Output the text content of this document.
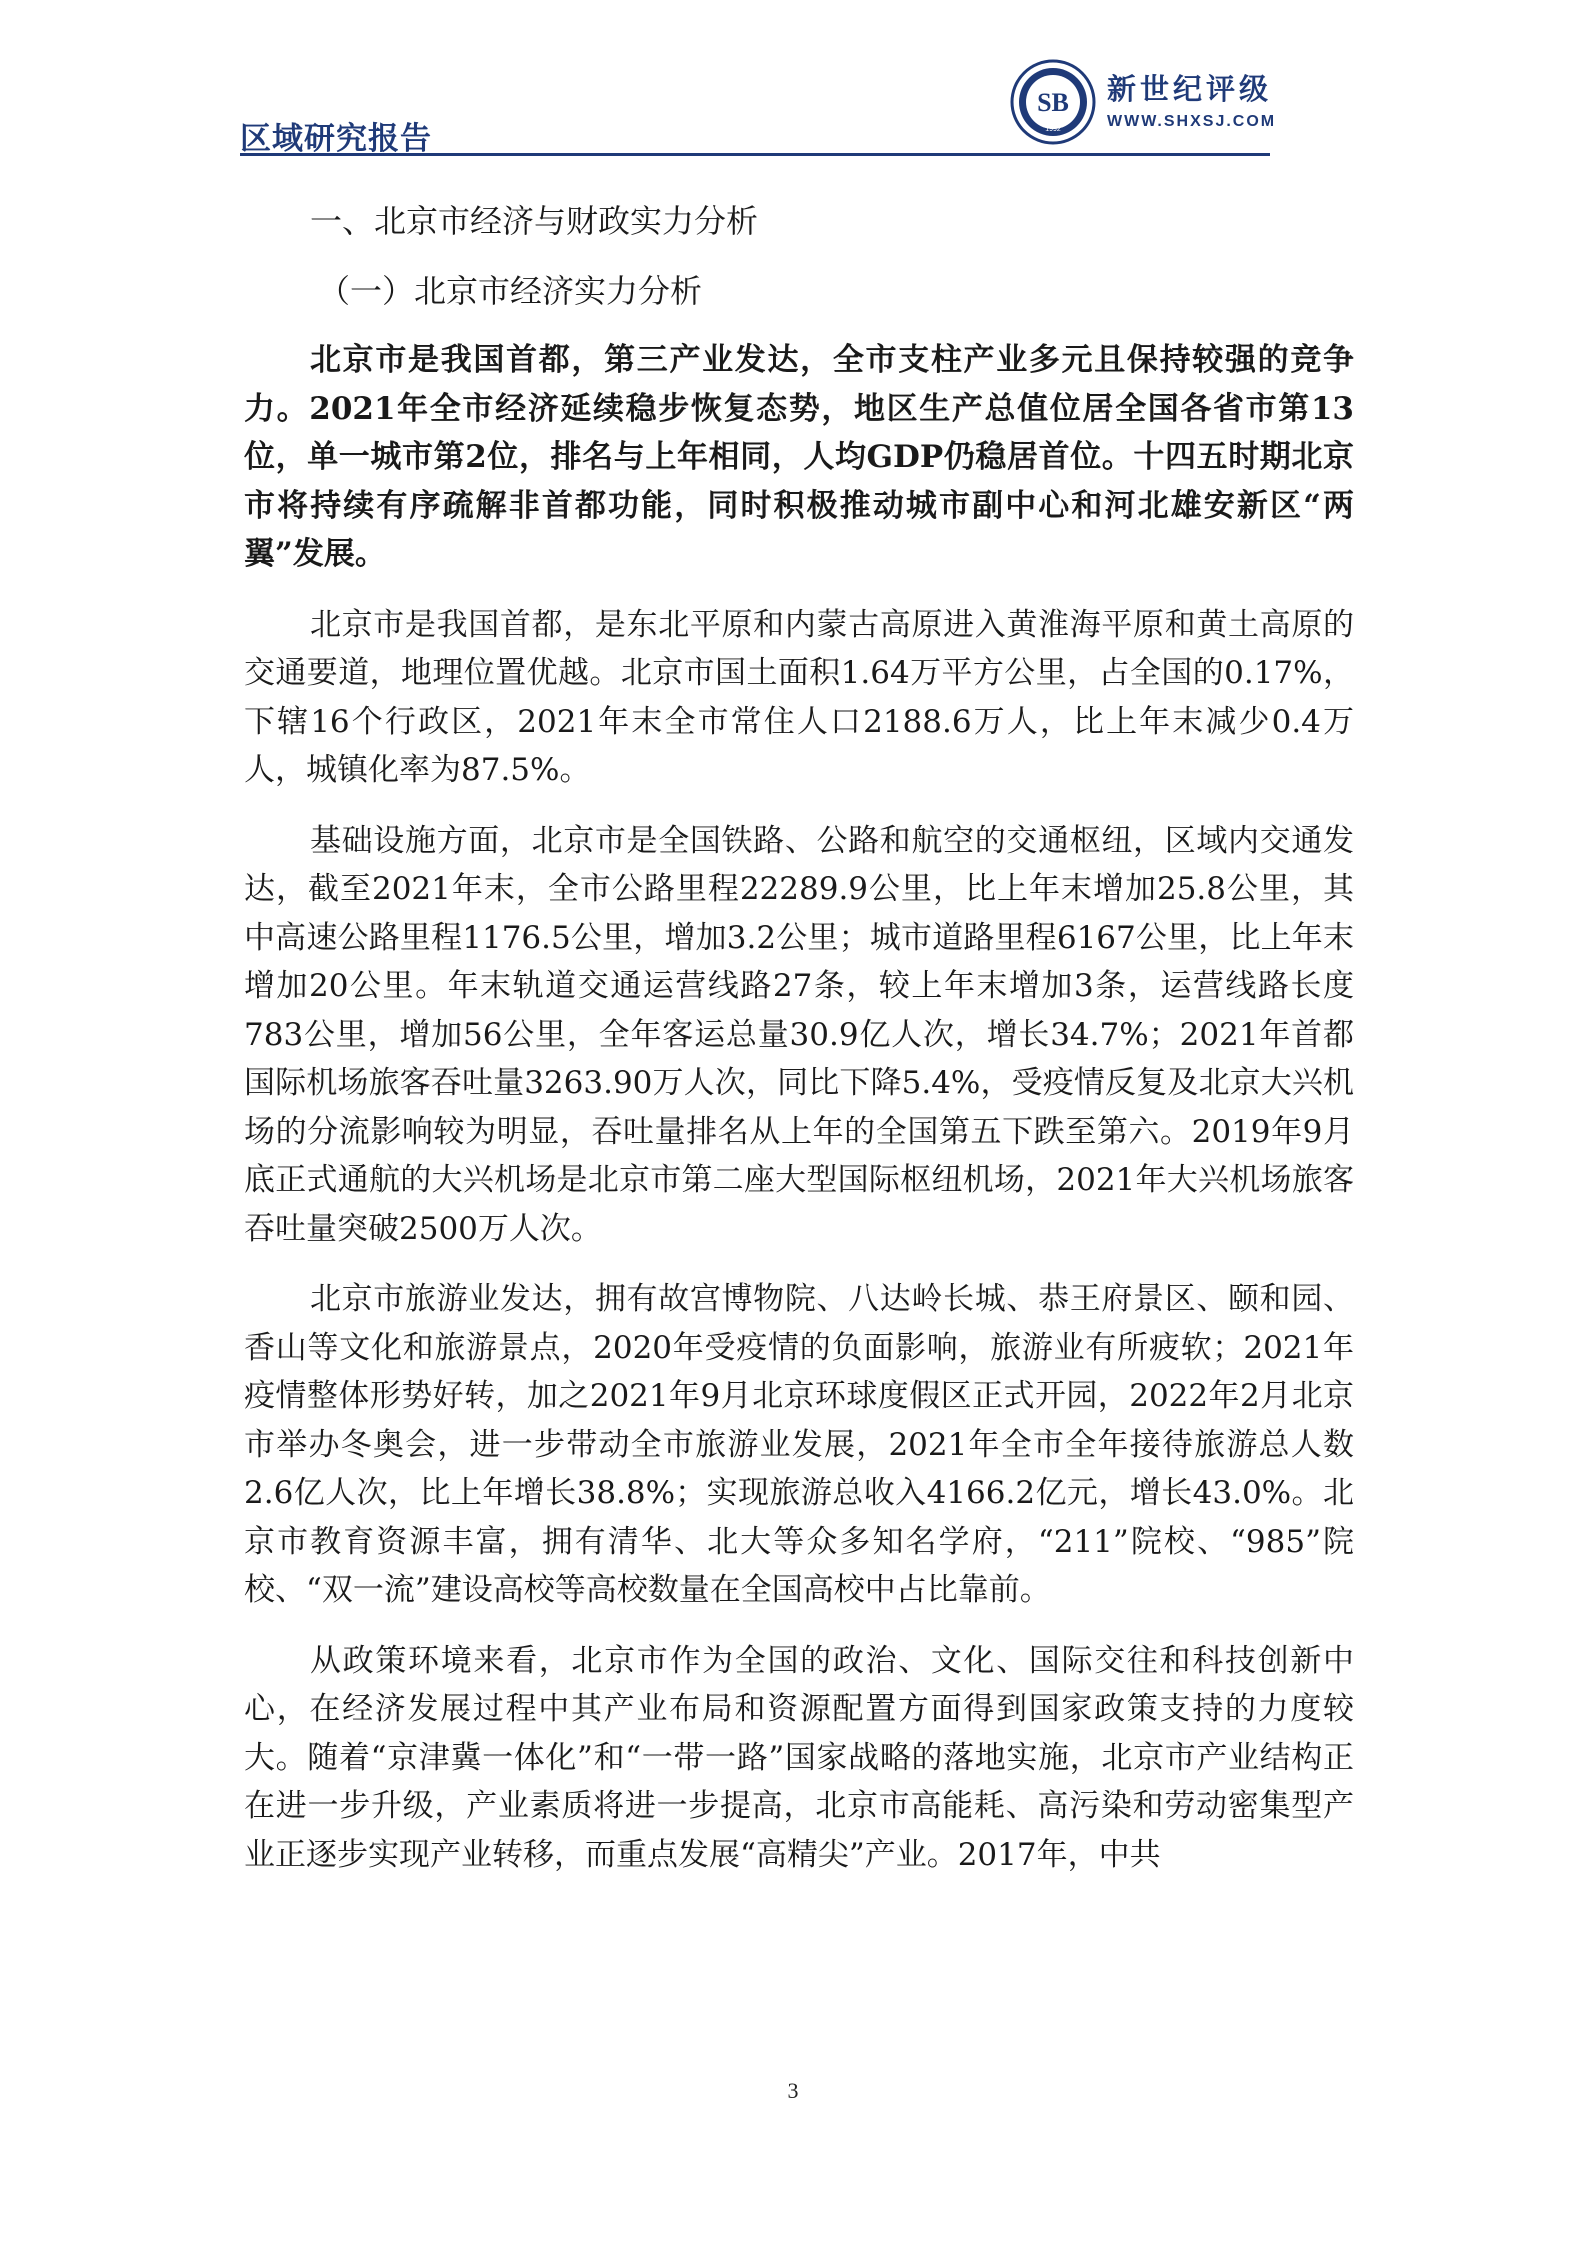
区域研究报告
SB
1992
新世纪评级
WWW.SHXSJ.COM
一、北京市经济与财政实力分析
（一）北京市经济实力分析

北京市是我国首都，第三产业发达，全市支柱产业多元且保持较强的竞争力。2021年全市经济延续稳步恢复态势，地区生产总值位居全国各省市第13位，单一城市第2位，排名与上年相同，人均GDP仍稳居首位。十四五时期北京市将持续有序疏解非首都功能，同时积极推动城市副中心和河北雄安新区“两翼”发展。

北京市是我国首都，是东北平原和内蒙古高原进入黄淮海平原和黄土高原的交通要道，地理位置优越。北京市国土面积1.64万平方公里，占全国的0.17%，下辖16个行政区，2021年末全市常住人口2188.6万人，比上年末减少0.4万人，城镇化率为87.5%。

基础设施方面，北京市是全国铁路、公路和航空的交通枢纽，区域内交通发达，截至2021年末，全市公路里程22289.9公里，比上年末增加25.8公里，其中高速公路里程1176.5公里，增加3.2公里；城市道路里程6167公里，比上年末增加20公里。年末轨道交通运营线路27条，较上年末增加3条，运营线路长度783公里，增加56公里，全年客运总量30.9亿人次，增长34.7%；2021年首都国际机场旅客吞吐量3263.90万人次，同比下降5.4%，受疫情反复及北京大兴机场的分流影响较为明显，吞吐量排名从上年的全国第五下跌至第六。2019年9月底正式通航的大兴机场是北京市第二座大型国际枢纽机场，2021年大兴机场旅客吞吐量突破2500万人次。

北京市旅游业发达，拥有故宫博物院、八达岭长城、恭王府景区、颐和园、香山等文化和旅游景点，2020年受疫情的负面影响，旅游业有所疲软；2021年疫情整体形势好转，加之2021年9月北京环球度假区正式开园，2022年2月北京市举办冬奥会，进一步带动全市旅游业发展，2021年全市全年接待旅游总人数2.6亿人次，比上年增长38.8%；实现旅游总收入4166.2亿元，增长43.0%。北京市教育资源丰富，拥有清华、北大等众多知名学府，“211”院校、“985”院校、“双一流”建设高校等高校数量在全国高校中占比靠前。

从政策环境来看，北京市作为全国的政治、文化、国际交往和科技创新中心，在经济发展过程中其产业布局和资源配置方面得到国家政策支持的力度较大。随着“京津冀一体化”和“一带一路”国家战略的落地实施，北京市产业结构正在进一步升级，产业素质将进一步提高，北京市高能耗、高污染和劳动密集型产业正逐步实现产业转移，而重点发展“高精尖”产业。2017年，中共

3
